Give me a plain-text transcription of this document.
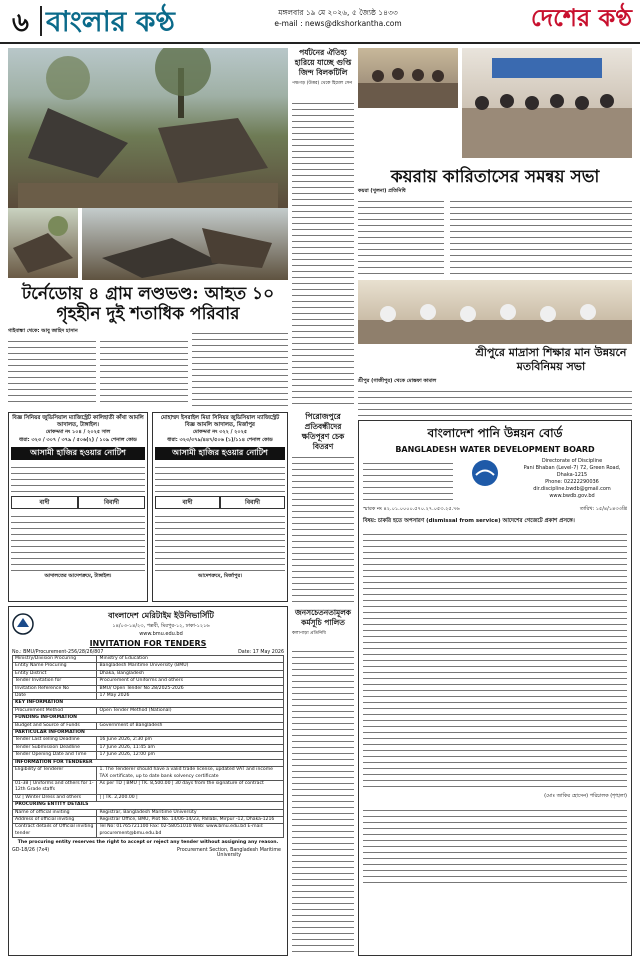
৬ বাংলার কণ্ঠ	মঙ্গলবার ১৯ মে ২০২৬, ৫ জ্যৈষ্ঠ ১৪৩৩
e-mail : news@dkshorkantha.com	দেশের কণ্ঠ
টর্নেডোয় ৪ গ্রাম লণ্ডভণ্ড: আহত ১০
গৃহহীন দুই শতাধিক পরিবার
গাইবান্ধা থেকে: আবু জাহিদ হাসান
পর্যটনের ঐতিহ্য হারিয়ে যাচ্ছে গুপ্তি জিন্দ বিলকটিলি
পঞ্চগড় (উত্তর) থেকে হিমেল সেন
কয়রায় কারিতাসের সমন্বয় সভা
কয়রা (খুলনা) প্রতিনিধি
শ্রীপুরে মাদ্রাসা শিক্ষার মান উন্নয়নে মতবিনিময় সভা
শ্রীপুর (গাজীপুর) থেকে মোস্তফা কামাল
বিজ্ঞ সিনিয়র জুডিসিয়াল ম্যাজিস্ট্রেট কালিহাতী কাঁথা আমলি আদালত, টাঙ্গাইল।
মোকদ্দমা নং ১০৪ / ২০২৫ সাল
ধারা: ৩২৩ / ৩০৭ / ৩৭৯ / ৫০৬(২) / ১০৯ পেনাল কোড
আসামী হাজির হওয়ার নোটিশ
বাদী	বিবাদী
আদালতের আদেশক্রমে, টাঙ্গাইল।
মোহাম্মদ ইসরাইল মিয়া সিনিয়র জুডিসিয়াল ম্যাজিস্ট্রেট বিজ্ঞ আমলি আদালত, মির্জাপুর
মোকদ্দমা নং ৩২২ / ২০২৫
ধারা: ৩২৩/৩৭৯/৪৪৭/৫০৬ (১)/১১৪ পেনাল কোড
আসামী হাজির হওয়ার নোটিশ
বাদী	বিবাদী
আদেশক্রমে, মির্জাপুর।
পিরোজপুরে প্রতিবন্ধীদের ক্ষতিপূরণ চেক বিতরণ
বাংলাদেশ মেরিটাইম ইউনিভার্সিটি
১৪/০৩-১৪/২৩, পল্লবী, মিরপুর-১২, ঢাকা-১২১৬
www.bmu.edu.bd
INVITATION FOR TENDERS
No.: BMU/Procurement-256/28/26/807	Date: 17 May 2026
Ministry/Division Procuring	Ministry of Education
Entity Name Procuring	Bangladesh Maritime University (BMU)
Entity District	Dhaka, Bangladesh
Tender Invitation for	Procurement of Uniforms and others
Invitation Reference No	BMU/ Open Tender No 28/2025-2026
Date	17 May 2026
KEY INFORMATION	
Procurement Method	Open Tender Method (National)
FUNDING INFORMATION	
Budget and Source of Funds	Government of Bangladesh
PARTICULAR INFORMATION	
Tender Last selling Deadline	16 June 2026, 2:30 pm
Tender Submission Deadline	17 June 2026, 11:45 am
Tender Opening Date and Time	17 June 2026, 12:00 pm
INFORMATION FOR TENDERER	
Eligibility of Tenderer	1. The Tenderer should have a valid trade license, updated VAT and income TAX certificate, up to date bank solvency certificate
01-38 | Uniforms and others for 1-12th Grade staffs	As per TD | BMU | TK. 8,500.00 | 30 days from the signature of contract
02 | Winter Dress and others	| | TK. 2,200.00 |
PROCURING ENTITY DETAILS	
Name of official inviting	Registrar, Bangladesh Maritime University
Address of official inviting	Registrar Office, BMU, Plot No. 14/06-14/23, Pallabi, Mirpur -12, Dhaka-1216
Contract details of Official inviting tender	Tel No: 01765721100 Fax: 02-58051010 Web: www.bmu.edu.bd E-mail: procurement@bmu.edu.bd
The procuring entity reserves the right to accept or reject any tender without assigning any reason.
GD-18/26 (7x4)	Procurement Section, Bangladesh Maritime University
জনসচেতনতামূলক কর্মসূচি পালিত
কলাপাড়া প্রতিনিধি
বাংলাদেশ পানি উন্নয়ন বোর্ড
BANGLADESH WATER DEVELOPMENT BOARD
Directorate of Discipline
Pani Bhaban (Level-7) 72, Green Road, Dhaka-1215
Phone: 02222290036
dir.discipline.bwdb@gmail.com
www.bwdb.gov.bd
স্মারক নং ৪২.০১.০০০০.৫৭০.২৭.০৫৩.২৫.৭৬	তারিখ: ১৫/৪/১৪৩৩খ্রি
বিষয়: চাকরি হতে অপসারণ (dismissal from service) আদেশের গেজেটে প্রকাশ প্রসঙ্গে।
(মোঃ জাকির হোসেন) পরিচালক (শৃঙ্খলা)
